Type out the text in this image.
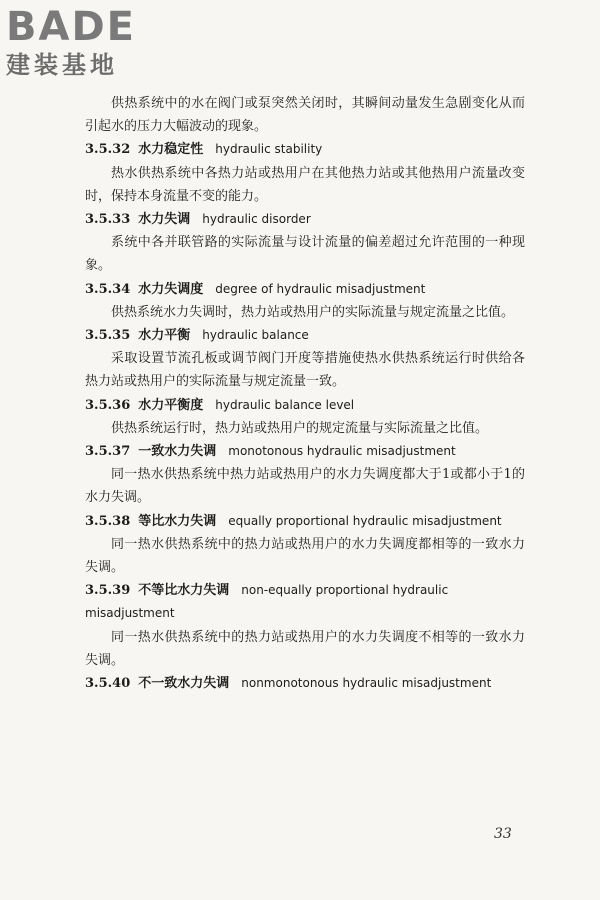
BADE
建装基地

供热系统中的水在阀门或泵突然关闭时，其瞬间动量发生急剧变化从而引起水的压力大幅波动的现象。

3.5.32 水力稳定性 hydraulic stability

热水供热系统中各热力站或热用户在其他热力站或其他热用户流量改变时，保持本身流量不变的能力。

3.5.33 水力失调 hydraulic disorder

系统中各并联管路的实际流量与设计流量的偏差超过允许范围的一种现象。

3.5.34 水力失调度 degree of hydraulic misadjustment

供热系统水力失调时，热力站或热用户的实际流量与规定流量之比值。

3.5.35 水力平衡 hydraulic balance

采取设置节流孔板或调节阀门开度等措施使热水供热系统运行时供给各热力站或热用户的实际流量与规定流量一致。

3.5.36 水力平衡度 hydraulic balance level

供热系统运行时，热力站或热用户的规定流量与实际流量之比值。

3.5.37 一致水力失调 monotonous hydraulic misadjustment

同一热水供热系统中热力站或热用户的水力失调度都大于1或都小于1的水力失调。

3.5.38 等比水力失调 equally proportional hydraulic misadjustment

同一热水供热系统中的热力站或热用户的水力失调度都相等的一致水力失调。

3.5.39 不等比水力失调 non-equally proportional hydraulic misadjustment

同一热水供热系统中的热力站或热用户的水力失调度不相等的一致水力失调。

3.5.40 不一致水力失调 nonmonotonous hydraulic misadjustment

33
